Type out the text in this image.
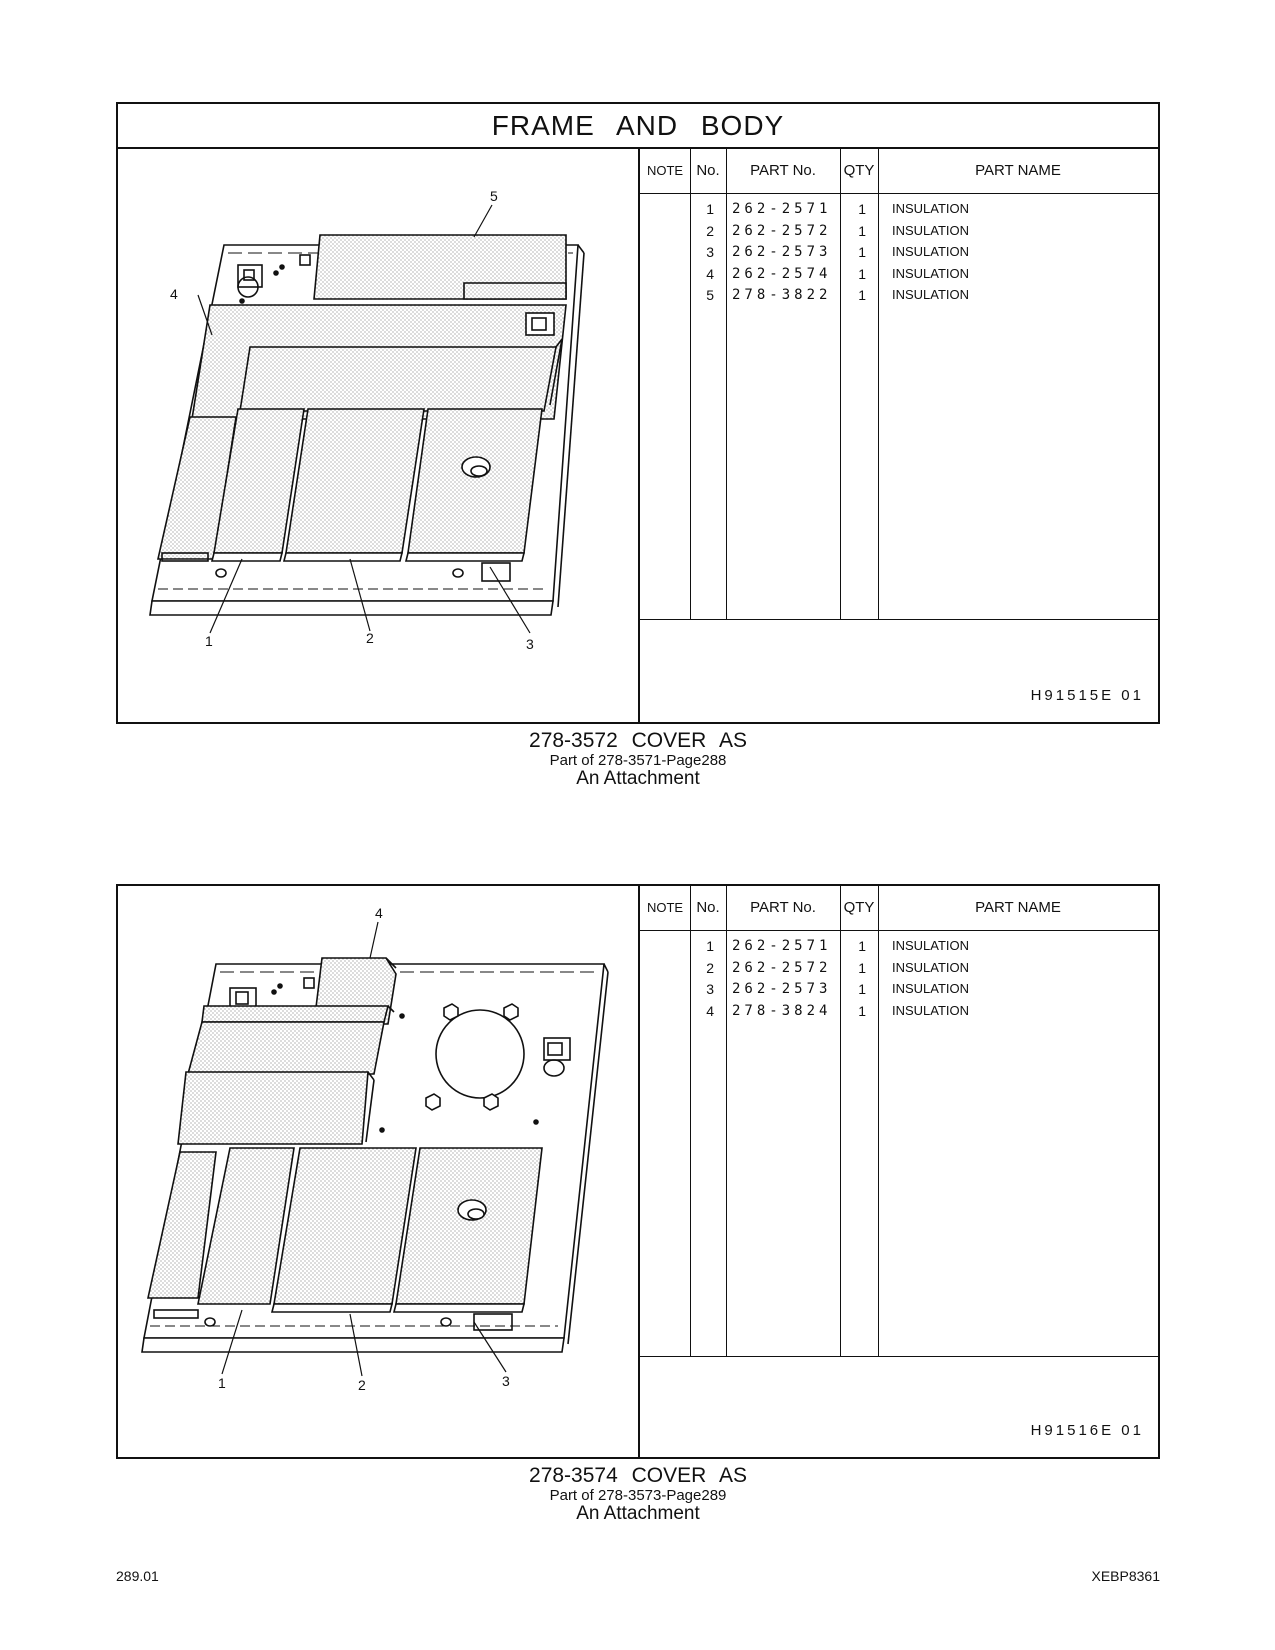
FRAME AND BODY
1	2	3
4
5
NOTE No.	PART No.	QTY	PART NAME
1 262-2571	1 INSULATION
2 262-2572	1 INSULATION
3 262-2573	1 INSULATION
4 262-2574	1 INSULATION
5 278-3822	1 INSULATION
H91515E 01
278-3572 COVER AS
Part of 278-3571-Page288
An Attachment
1	2	3
4	NOTE No.	PART No.	QTY	PART NAME
1 262-2571	1 INSULATION
2 262-2572	1 INSULATION
3 262-2573	1 INSULATION
4 278-3824	1 INSULATION
H91516E 01
278-3574 COVER AS
Part of 278-3573-Page289
An Attachment
289.01	XEBP8361
